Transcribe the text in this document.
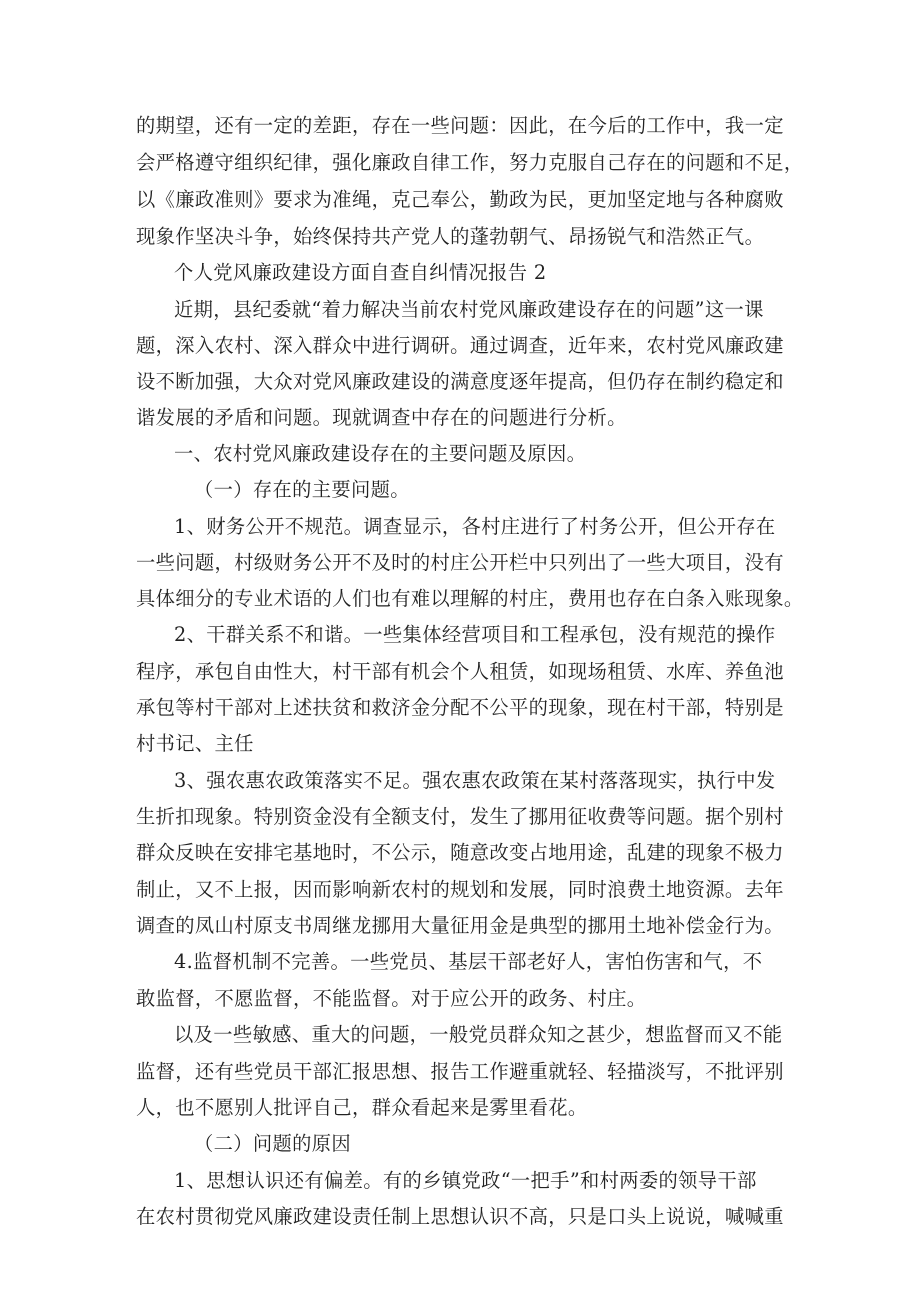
的期望，还有一定的差距，存在一些问题：因此，在今后的工作中，我一定
会严格遵守组织纪律，强化廉政自律工作，努力克服自己存在的问题和不足，
以《廉政准则》要求为准绳，克己奉公，勤政为民，更加坚定地与各种腐败
现象作坚决斗争，始终保持共产党人的蓬勃朝气、昂扬锐气和浩然正气。
个人党风廉政建设方面自查自纠情况报告 2
近期，县纪委就“着力解决当前农村党风廉政建设存在的问题”这一课
题，深入农村、深入群众中进行调研。通过调查，近年来，农村党风廉政建
设不断加强，大众对党风廉政建设的满意度逐年提高，但仍存在制约稳定和
谐发展的矛盾和问题。现就调查中存在的问题进行分析。
一、农村党风廉政建设存在的主要问题及原因。
（一）存在的主要问题。
1、财务公开不规范。调查显示，各村庄进行了村务公开，但公开存在
一些问题，村级财务公开不及时的村庄公开栏中只列出了一些大项目，没有
具体细分的专业术语的人们也有难以理解的村庄，费用也存在白条入账现象。
2、干群关系不和谐。一些集体经营项目和工程承包，没有规范的操作
程序，承包自由性大，村干部有机会个人租赁，如现场租赁、水库、养鱼池
承包等村干部对上述扶贫和救济金分配不公平的现象，现在村干部，特别是
村书记、主任
3、强农惠农政策落实不足。强农惠农政策在某村落落现实，执行中发
生折扣现象。特别资金没有全额支付，发生了挪用征收费等问题。据个别村
群众反映在安排宅基地时，不公示，随意改变占地用途，乱建的现象不极力
制止，又不上报，因而影响新农村的规划和发展，同时浪费土地资源。去年
调查的凤山村原支书周继龙挪用大量征用金是典型的挪用土地补偿金行为。
4.监督机制不完善。一些党员、基层干部老好人，害怕伤害和气，不
敢监督，不愿监督，不能监督。对于应公开的政务、村庄。
以及一些敏感、重大的问题，一般党员群众知之甚少，想监督而又不能
监督，还有些党员干部汇报思想、报告工作避重就轻、轻描淡写，不批评别
人，也不愿别人批评自己，群众看起来是雾里看花。
（二）问题的原因
1、思想认识还有偏差。有的乡镇党政“一把手”和村两委的领导干部
在农村贯彻党风廉政建设责任制上思想认识不高，只是口头上说说，喊喊重
